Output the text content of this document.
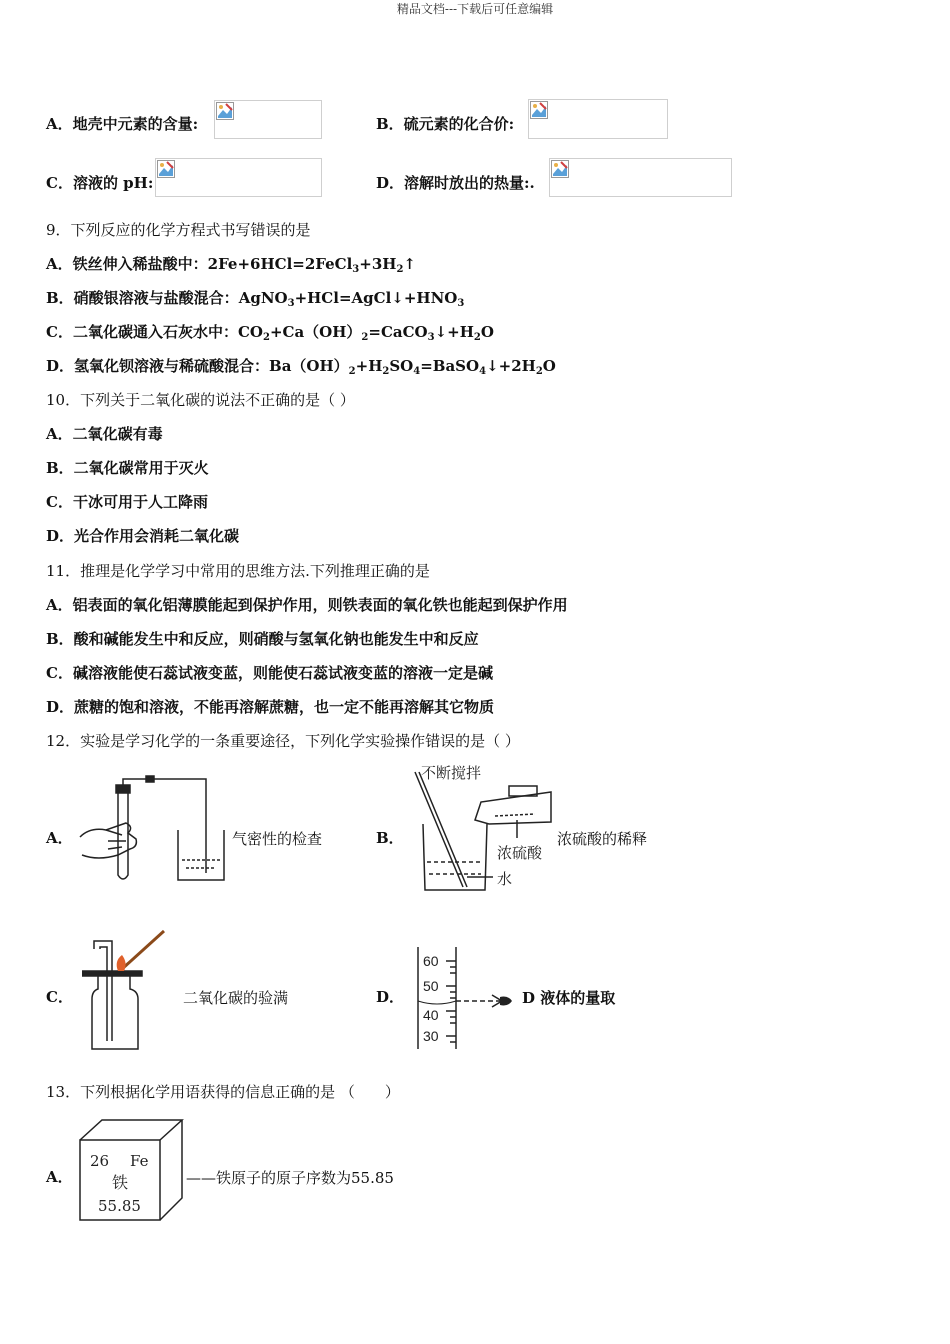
精品文档---下载后可任意编辑
A．地壳中元素的含量:	B．硫元素的化合价:
C．溶液的 pH:	D．溶解时放出的热量:.
9．下列反应的化学方程式书写错误的是
A．铁丝伸入稀盐酸中：$2Fe+6HCl=2FeCl_3+3H_2↑$
B．硝酸银溶液与盐酸混合：$AgNO_3+HCl=AgCl↓+HNO_3$
C．二氧化碳通入石灰水中：$CO_2+Ca(OH)_2=CaCO_3↓+H_2O$
D．氢氧化钡溶液与稀硫酸混合：$Ba(OH)_2+H_2SO_4=BaSO_4↓+2H_2O$
10．下列关于二氧化碳的说法不正确的是（ ）
A．二氧化碳有毒
B．二氧化碳常用于灭火
C．干冰可用于人工降雨
D．光合作用会消耗二氧化碳
11．推理是化学学习中常用的思维方法.下列推理正确的是
A．铝表面的氧化铝薄膜能起到保护作用，则铁表面的氧化铁也能起到保护作用
B．酸和碱能发生中和反应，则硝酸与氢氧化钠也能发生中和反应
C．碱溶液能使石蕊试液变蓝，则能使石蕊试液变蓝的溶液一定是碱
D．蔗糖的饱和溶液，不能再溶解蔗糖，也一定不能再溶解其它物质
12．实验是学习化学的一条重要途径，下列化学实验操作错误的是（ ）
A．	气密性的检查	B．
不断搅拌
浓硫酸
水
浓硫酸的稀释
C．	二氧化碳的验满	D．
60
50
40
30
D 液体的量取
13．下列根据化学用语获得的信息正确的是 （　　）
A．
26 Fe
铁
55.85
——铁原子的原子序数为55.85
